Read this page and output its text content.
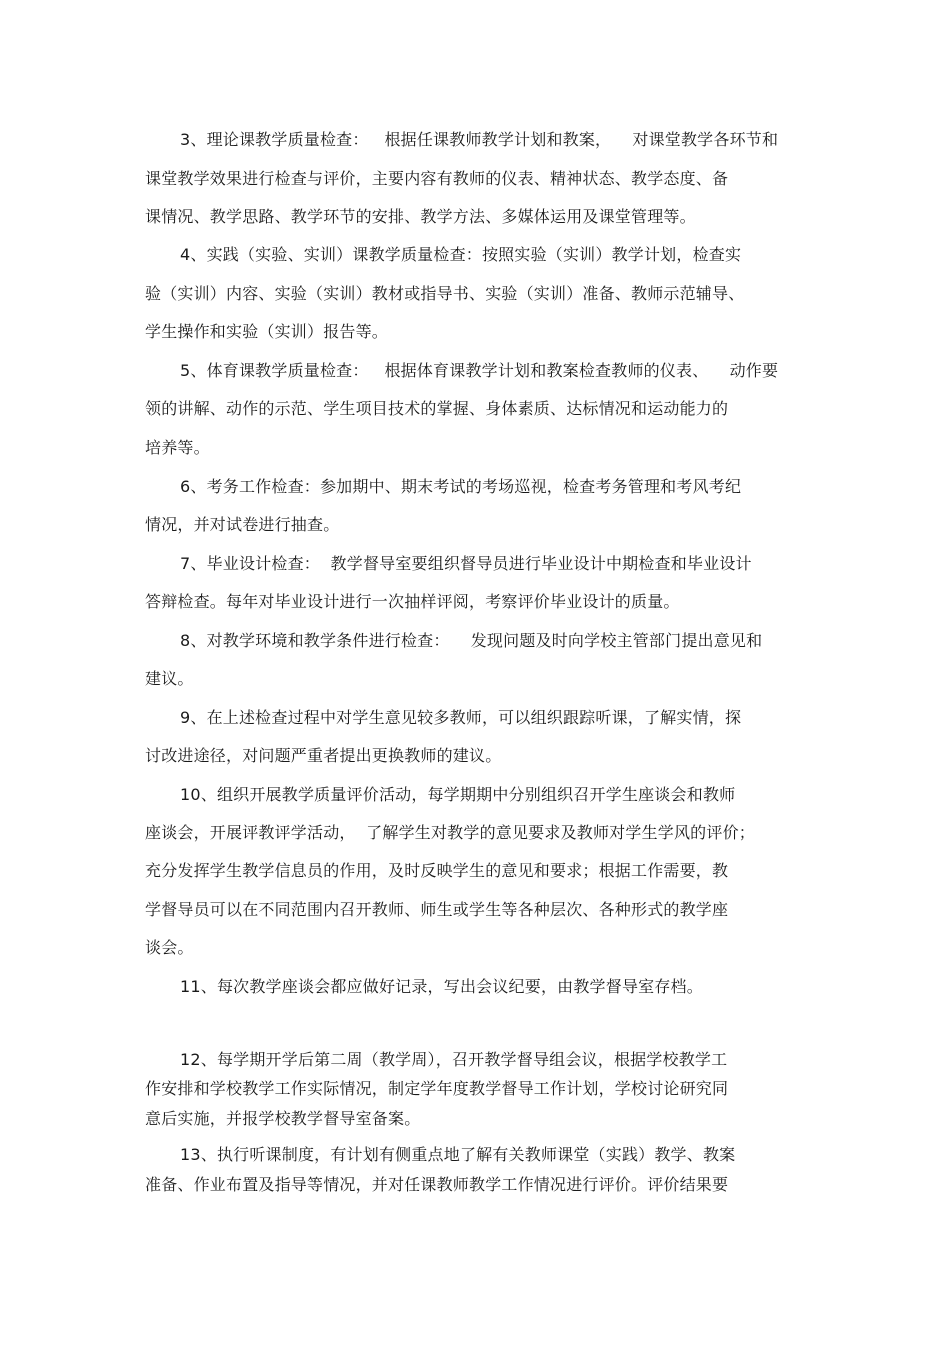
3、理论课教学质量检查：   根据任课教师教学计划和教案，    对课堂教学各环节和
课堂教学效果进行检查与评价，主要内容有教师的仪表、精神状态、教学态度、备
课情况、教学思路、教学环节的安排、教学方法、多媒体运用及课堂管理等。
4、实践（实验、实训）课教学质量检查：按照实验（实训）教学计划，检查实
验（实训）内容、实验（实训）教材或指导书、实验（实训）准备、教师示范辅导、
学生操作和实验（实训）报告等。
5、体育课教学质量检查：   根据体育课教学计划和教案检查教师的仪表、    动作要
领的讲解、动作的示范、学生项目技术的掌握、身体素质、达标情况和运动能力的
培养等。
6、考务工作检查：参加期中、期末考试的考场巡视，检查考务管理和考风考纪
情况，并对试卷进行抽查。
7、毕业设计检查：  教学督导室要组织督导员进行毕业设计中期检查和毕业设计
答辩检查。每年对毕业设计进行一次抽样评阅，考察评价毕业设计的质量。
8、对教学环境和教学条件进行检查：    发现问题及时向学校主管部门提出意见和
建议。
9、在上述检查过程中对学生意见较多教师，可以组织跟踪听课，了解实情，探
讨改进途径，对问题严重者提出更换教师的建议。
10、组织开展教学质量评价活动，每学期期中分别组织召开学生座谈会和教师
座谈会，开展评教评学活动，  了解学生对教学的意见要求及教师对学生学风的评价；
充分发挥学生教学信息员的作用，及时反映学生的意见和要求；根据工作需要，教
学督导员可以在不同范围内召开教师、师生或学生等各种层次、各种形式的教学座
谈会。
11、每次教学座谈会都应做好记录，写出会议纪要，由教学督导室存档。
12、每学期开学后第二周（教学周），召开教学督导组会议，根据学校教学工
作安排和学校教学工作实际情况，制定学年度教学督导工作计划，学校讨论研究同
意后实施，并报学校教学督导室备案。
13、执行听课制度，有计划有侧重点地了解有关教师课堂（实践）教学、教案
准备、作业布置及指导等情况，并对任课教师教学工作情况进行评价。评价结果要
